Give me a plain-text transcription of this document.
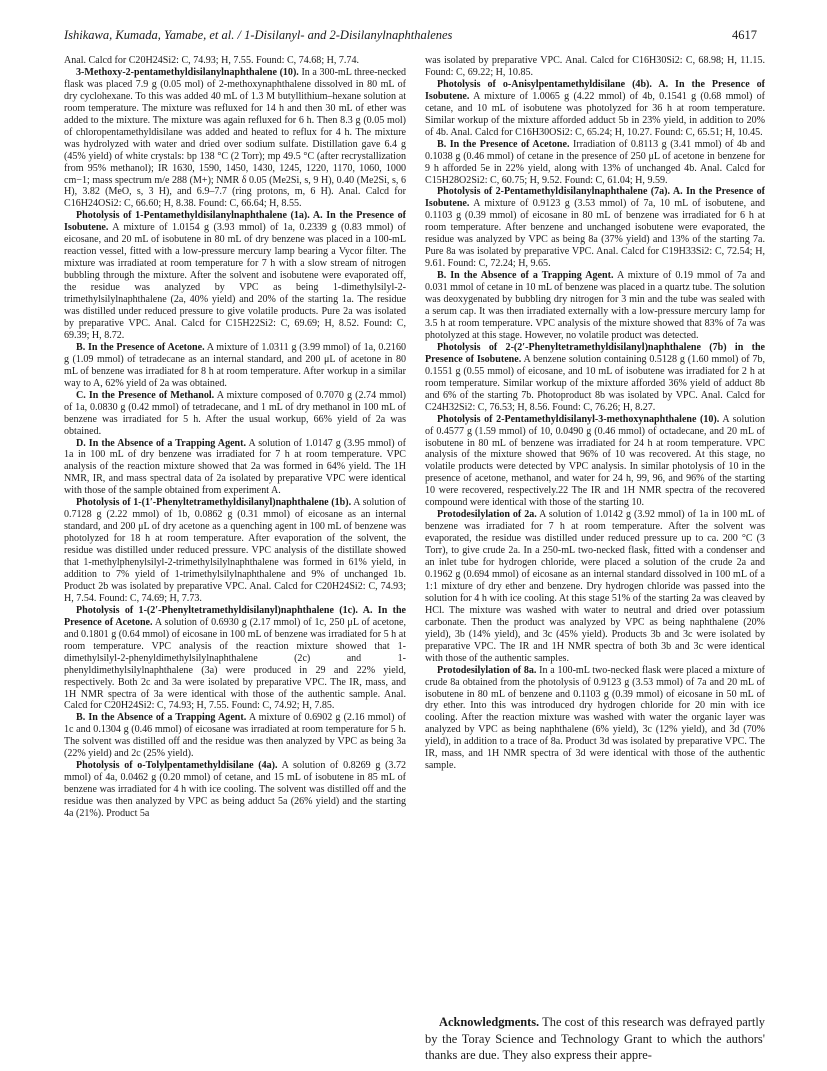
Ishikawa, Kumada, Yamabe, et al. / 1-Disilanyl- and 2-Disilanylnaphthalenes	4617

Anal. Calcd for C20H24Si2: C, 74.93; H, 7.55. Found: C, 74.68; H, 7.74.

3-Methoxy-2-pentamethyldisilanylnaphthalene (10). In a 300-mL three-necked flask was placed 7.9 g (0.05 mol) of 2-methoxynaphthalene dissolved in 80 mL of dry cyclohexane. To this was added 40 mL of 1.3 M butyllithium–hexane solution at room temperature. The mixture was refluxed for 14 h and then 30 mL of ether was added to the mixture. The mixture was again refluxed for 6 h. Then 8.3 g (0.05 mol) of chloropentamethyldisilane was added and heated to reflux for 4 h. The mixture was hydrolyzed with water and dried over sodium sulfate. Distillation gave 6.4 g (45% yield) of white crystals: bp 138 °C (2 Torr); mp 49.5 °C (after recrystallization from 95% methanol); IR 1630, 1590, 1450, 1430, 1245, 1220, 1170, 1060, 1000 cm−1; mass spectrum m/e 288 (M+); NMR δ 0.05 (Me2Si, s, 9 H), 0.40 (Me2Si, s, 6 H), 3.82 (MeO, s, 3 H), and 6.9–7.7 (ring protons, m, 6 H). Anal. Calcd for C16H24OSi2: C, 66.60; H, 8.38. Found: C, 66.64; H, 8.55.

Photolysis of 1-Pentamethyldisilanylnaphthalene (1a). A. In the Presence of Isobutene. A mixture of 1.0154 g (3.93 mmol) of 1a, 0.2339 g (0.83 mmol) of eicosane, and 20 mL of isobutene in 80 mL of dry benzene was placed in a 100-mL reaction vessel, fitted with a low-pressure mercury lamp bearing a Vycor filter. The mixture was irradiated at room temperature for 7 h with a slow stream of nitrogen bubbling through the mixture. After the solvent and isobutene were evaporated off, the residue was analyzed by VPC as being 1-dimethylsilyl-2-trimethylsilylnaphthalene (2a, 40% yield) and 20% of the starting 1a. The residue was distilled under reduced pressure to give volatile products. Pure 2a was isolated by preparative VPC. Anal. Calcd for C15H22Si2: C, 69.69; H, 8.52. Found: C, 69.39; H, 8.72.

B. In the Presence of Acetone. A mixture of 1.0311 g (3.99 mmol) of 1a, 0.2160 g (1.09 mmol) of tetradecane as an internal standard, and 200 μL of acetone in 80 mL of benzene was irradiated for 8 h at room temperature. After workup in a similar way to A, 62% yield of 2a was obtained.

C. In the Presence of Methanol. A mixture composed of 0.7070 g (2.74 mmol) of 1a, 0.0830 g (0.42 mmol) of tetradecane, and 1 mL of dry methanol in 100 mL of benzene was irradiated for 5 h. After the usual workup, 66% yield of 2a was obtained.

D. In the Absence of a Trapping Agent. A solution of 1.0147 g (3.95 mmol) of 1a in 100 mL of dry benzene was irradiated for 7 h at room temperature. VPC analysis of the reaction mixture showed that 2a was formed in 64% yield. The 1H NMR, IR, and mass spectral data of 2a isolated by preparative VPC were identical with those of the sample obtained from experiment A.

Photolysis of 1-(1′-Phenyltetramethyldisilanyl)naphthalene (1b). A solution of 0.7128 g (2.22 mmol) of 1b, 0.0862 g (0.31 mmol) of eicosane as an internal standard, and 200 μL of dry acetone as a quenching agent in 100 mL of benzene was photolyzed for 18 h at room temperature. After evaporation of the solvent, the residue was distilled under reduced pressure. VPC analysis of the distillate showed that 1-methylphenylsilyl-2-trimethylsilylnaphthalene was formed in 61% yield, in addition to 7% yield of 1-trimethylsilylnaphthalene and 9% of unchanged 1b. Product 2b was isolated by preparative VPC. Anal. Calcd for C20H24Si2: C, 74.93; H, 7.54. Found: C, 74.69; H, 7.73.

Photolysis of 1-(2′-Phenyltetramethyldisilanyl)naphthalene (1c). A. In the Presence of Acetone. A solution of 0.6930 g (2.17 mmol) of 1c, 250 μL of acetone, and 0.1801 g (0.64 mmol) of eicosane in 100 mL of benzene was irradiated for 5 h at room temperature. VPC analysis of the reaction mixture showed that 1-dimethylsilyl-2-phenyldimethylsilylnaphthalene (2c) and 1-phenyldimethylsilylnaphthalene (3a) were produced in 29 and 22% yield, respectively. Both 2c and 3a were isolated by preparative VPC. The IR, mass, and 1H NMR spectra of 3a were identical with those of the authentic sample. Anal. Calcd for C20H24Si2: C, 74.93; H, 7.55. Found: C, 74.92; H, 7.85.

B. In the Absence of a Trapping Agent. A mixture of 0.6902 g (2.16 mmol) of 1c and 0.1304 g (0.46 mmol) of eicosane was irradiated at room temperature for 5 h. The solvent was distilled off and the residue was then analyzed by VPC as being 3a (22% yield) and 2c (25% yield).

Photolysis of o-Tolylpentamethyldisilane (4a). A solution of 0.8269 g (3.72 mmol) of 4a, 0.0462 g (0.20 mmol) of cetane, and 15 mL of isobutene in 85 mL of benzene was irradiated for 4 h with ice cooling. The solvent was distilled off and the residue was then analyzed by VPC as being adduct 5a (26% yield) and the starting 4a (21%). Product 5a

was isolated by preparative VPC. Anal. Calcd for C16H30Si2: C, 68.98; H, 11.15. Found: C, 69.22; H, 10.85.

Photolysis of o-Anisylpentamethyldisilane (4b). A. In the Presence of Isobutene. A mixture of 1.0065 g (4.22 mmol) of 4b, 0.1541 g (0.68 mmol) of cetane, and 10 mL of isobutene was photolyzed for 36 h at room temperature. Similar workup of the mixture afforded adduct 5b in 23% yield, in addition to 20% of 4b. Anal. Calcd for C16H30OSi2: C, 65.24; H, 10.27. Found: C, 65.51; H, 10.45.

B. In the Presence of Acetone. Irradiation of 0.8113 g (3.41 mmol) of 4b and 0.1038 g (0.46 mmol) of cetane in the presence of 250 μL of acetone in benzene for 9 h afforded 5e in 22% yield, along with 13% of unchanged 4b. Anal. Calcd for C15H28O2Si2: C, 60.75; H, 9.52. Found: C, 61.04; H, 9.59.

Photolysis of 2-Pentamethyldisilanylnaphthalene (7a). A. In the Presence of Isobutene. A mixture of 0.9123 g (3.53 mmol) of 7a, 10 mL of isobutene, and 0.1103 g (0.39 mmol) of eicosane in 80 mL of benzene was irradiated for 6 h at room temperature. After benzene and unchanged isobutene were evaporated, the residue was analyzed by VPC as being 8a (37% yield) and 13% of the starting 7a. Pure 8a was isolated by preparative VPC. Anal. Calcd for C19H33Si2: C, 72.54; H, 9.61. Found: C, 72.24; H, 9.65.

B. In the Absence of a Trapping Agent. A mixture of 0.19 mmol of 7a and 0.031 mmol of cetane in 10 mL of benzene was placed in a quartz tube. The solution was deoxygenated by bubbling dry nitrogen for 3 min and the tube was sealed with a serum cap. It was then irradiated externally with a low-pressure mercury lamp for 3.5 h at room temperature. VPC analysis of the mixture showed that 83% of 7a was photolyzed at this stage. However, no volatile product was detected.

Photolysis of 2-(2′-Phenyltetramethyldisilanyl)naphthalene (7b) in the Presence of Isobutene. A benzene solution containing 0.5128 g (1.60 mmol) of 7b, 0.1551 g (0.55 mmol) of eicosane, and 10 mL of isobutene was irradiated for 2 h at room temperature. Similar workup of the mixture afforded 36% yield of adduct 8b and 6% of the starting 7b. Photoproduct 8b was isolated by VPC. Anal. Calcd for C24H32Si2: C, 76.53; H, 8.56. Found: C, 76.26; H, 8.27.

Photolysis of 2-Pentamethyldisilanyl-3-methoxynaphthalene (10). A solution of 0.4577 g (1.59 mmol) of 10, 0.0490 g (0.46 mmol) of octadecane, and 20 mL of isobutene in 80 mL of benzene was irradiated for 24 h at room temperature. VPC analysis of the mixture showed that 96% of 10 was recovered. At this stage, no volatile products were detected by VPC analysis. In similar photolysis of 10 in the presence of acetone, methanol, and water for 24 h, 99, 96, and 96% of the starting 10 were recovered, respectively.22 The IR and 1H NMR spectra of the recovered compound were identical with those of the starting 10.

Protodesilylation of 2a. A solution of 1.0142 g (3.92 mmol) of 1a in 100 mL of benzene was irradiated for 7 h at room temperature. After the solvent was evaporated, the residue was distilled under reduced pressure up to ca. 200 °C (3 Torr), to give crude 2a. In a 250-mL two-necked flask, fitted with a condenser and an inlet tube for hydrogen chloride, were placed a solution of the crude 2a and 0.1962 g (0.694 mmol) of eicosane as an internal standard dissolved in 100 mL of a 1:1 mixture of dry ether and benzene. Dry hydrogen chloride was passed into the solution for 4 h with ice cooling. At this stage 51% of the starting 2a was cleaved by HCl. The mixture was washed with water to neutral and dried over potassium carbonate. Then the product was analyzed by VPC as being naphthalene (20% yield), 3b (14% yield), and 3c (45% yield). Products 3b and 3c were isolated by preparative VPC. The IR and 1H NMR spectra of both 3b and 3c were identical with those of the authentic samples.

Protodesilylation of 8a. In a 100-mL two-necked flask were placed a mixture of crude 8a obtained from the photolysis of 0.9123 g (3.53 mmol) of 7a and 20 mL of isobutene in 80 mL of benzene and 0.1103 g (0.39 mmol) of eicosane in 50 mL of dry ether. Into this was introduced dry hydrogen chloride for 20 min with ice cooling. After the reaction mixture was washed with water the organic layer was analyzed by VPC as being naphthalene (6% yield), 3c (12% yield), and 3d (70% yield), in addition to a trace of 8a. Product 3d was isolated by preparative VPC. The IR, mass, and 1H NMR spectra of 3d were identical with those of the authentic sample.

Acknowledgments. The cost of this research was defrayed partly by the Toray Science and Technology Grant to which the authors' thanks are due. They also express their appre-
